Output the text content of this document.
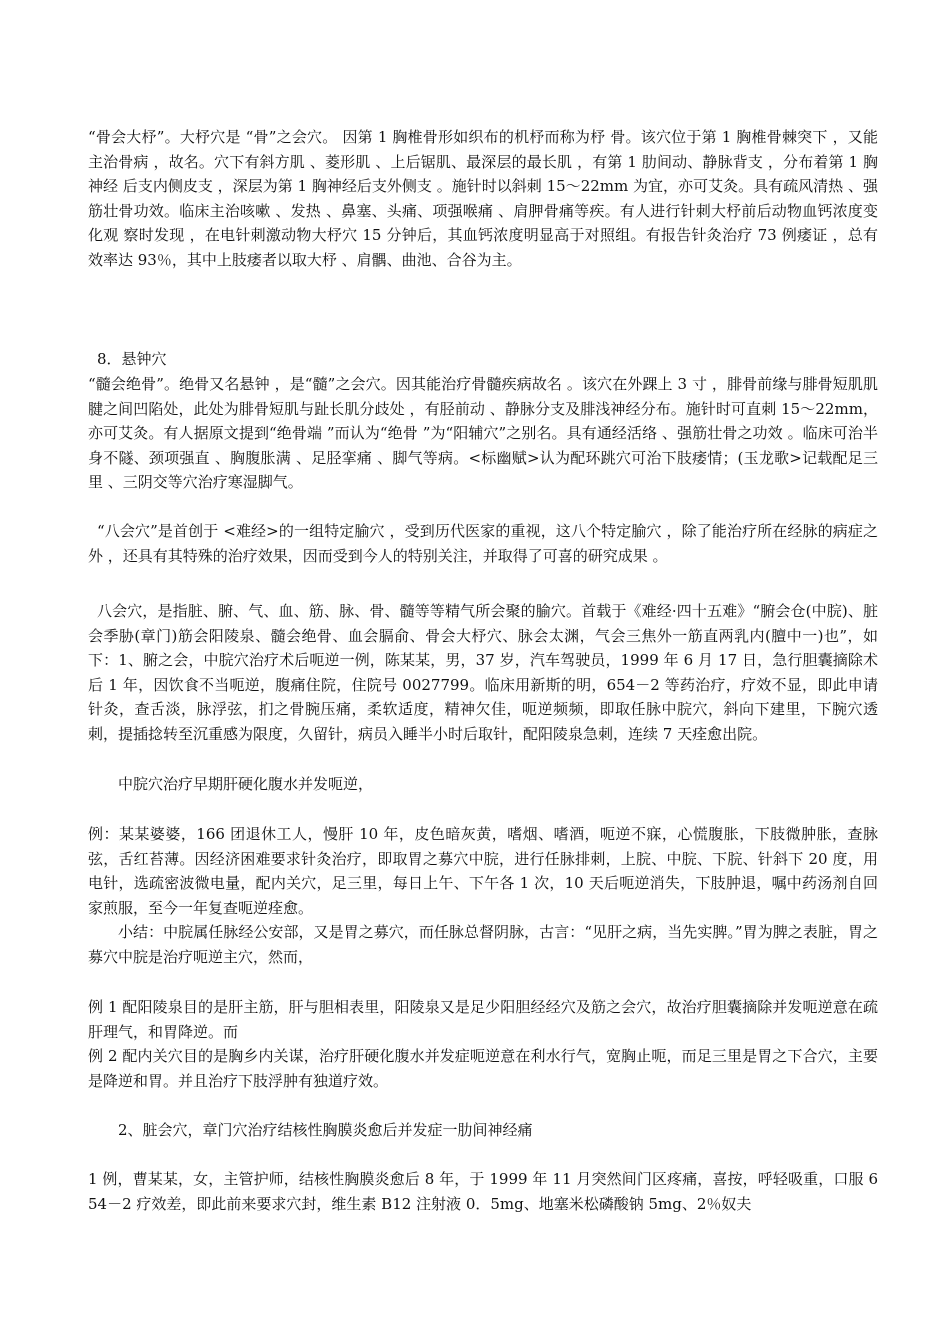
“骨会大杼”。大杼穴是 “骨”之会穴。 因第 1 胸椎骨形如织布的机杼而称为杼 骨。该穴位于第 1 胸椎骨棘突下 ，又能主治骨病 ，故名。穴下有斜方肌 、菱形肌 、上后锯肌、最深层的最长肌 ，有第 1 肋间动、静脉背支 ，分布着第 1 胸神经 后支内侧皮支 ，深层为第 1 胸神经后支外侧支 。施针时以斜刺 15～22mm 为宜，亦可艾灸。具有疏风清热 、强筋壮骨功效。临床主治咳嗽 、发热 、鼻塞、头痛、项强喉痛 、肩胛骨痛等疾。有人进行针刺大杼前后动物血钙浓度变化观 察时发现 ，在电针刺激动物大杼穴 15 分钟后，其血钙浓度明显高于对照组。有报告针灸治疗 73 例痿证 ，总有效率达 93％，其中上肢痿者以取大杼 、肩髃、曲池、合谷为主。

8．悬钟穴

“髓会绝骨”。绝骨又名悬钟 ，是“髓”之会穴。因其能治疗骨髓疾病故名 。该穴在外踝上 3 寸 ，腓骨前缘与腓骨短肌肌腱之间凹陷处，此处为腓骨短肌与趾长肌分歧处 ，有胫前动 、静脉分支及腓浅神经分布。施针时可直刺 15～22mm，亦可艾灸。有人据原文提到“绝骨端 ”而认为“绝骨 ”为“阳辅穴”之别名。具有通经活络 、强筋壮骨之功效 。临床可治半身不隧、颈项强直 、胸腹胀满 、足胫挛痛 、脚气等病。<标幽赋>认为配环跳穴可治下肢痿情；(玉龙歌>记载配足三里 、三阴交等穴治疗寒湿脚气。

“八会穴”是首创于 <难经>的一组特定腧穴 ，受到历代医家的重视，这八个特定腧穴 ，除了能治疗所在经脉的病症之外 ，还具有其特殊的治疗效果，因而受到今人的特别关注，并取得了可喜的研究成果 。

八会穴，是指脏、腑、气、血、筋、脉、骨、髓等等精气所会聚的腧穴。首载于《难经·四十五难》“腑会仓(中脘)、脏会季胁(章门)筋会阳陵泉、髓会绝骨、血会膈俞、骨会大杼穴、脉会太渊，气会三焦外一筋直两乳内(膻中一)也”，如下：1、腑之会，中脘穴治疗术后呃逆一例，陈某某，男，37 岁，汽车驾驶员，1999 年 6 月 17 日，急行胆囊摘除术后 1 年，因饮食不当呃逆，腹痛住院，住院号 0027799。临床用新斯的明，654－2 等药治疗，疗效不显，即此申请针灸，查舌淡，脉浮弦，扪之骨腕压痛，柔软适度，精神欠佳，呃逆频频，即取任脉中脘穴，斜向下建里，下腕穴透刺，提插捻转至沉重感为限度，久留针，病员入睡半小时后取针，配阳陵泉急刺，连续 7 天痊愈出院。

中脘穴治疗早期肝硬化腹水并发呃逆，

例：某某婆婆，166 团退休工人，慢肝 10 年，皮色暗灰黄，嗜烟、嗜酒，呃逆不寐，心慌腹胀，下肢微肿胀，查脉弦，舌红苔薄。因经济困难要求针灸治疗，即取胃之募穴中脘，进行任脉排刺，上脘、中脘、下脘、针斜下 20 度，用电针，选疏密波微电量，配内关穴，足三里，每日上午、下午各 1 次，10 天后呃逆消失，下肢肿退，嘱中药汤剂自回家煎服，至今一年复查呃逆痊愈。

小结：中脘属任脉经公安部，又是胃之募穴，而任脉总督阴脉，古言：“见肝之病，当先实脾。”胃为脾之表脏，胃之募穴中脘是治疗呃逆主穴，然而，

例 1 配阳陵泉目的是肝主筋，肝与胆相表里，阳陵泉又是足少阳胆经经穴及筋之会穴，故治疗胆囊摘除并发呃逆意在疏肝理气，和胃降逆。而

例 2 配内关穴目的是胸乡内关谋，治疗肝硬化腹水并发症呃逆意在利水行气，宽胸止呃，而足三里是胃之下合穴，主要是降逆和胃。并且治疗下肢浮肿有独道疗效。

2、脏会穴，章门穴治疗结核性胸膜炎愈后并发症一肋间神经痛

1 例，曹某某，女，主管护师，结核性胸膜炎愈后 8 年，于 1999 年 11 月突然间门区疼痛，喜按，呼轻吸重，口服 654－2 疗效差，即此前来要求穴封，维生素 B12 注射液 0．5mg、地塞米松磷酸钠 5mg、2％奴夫
